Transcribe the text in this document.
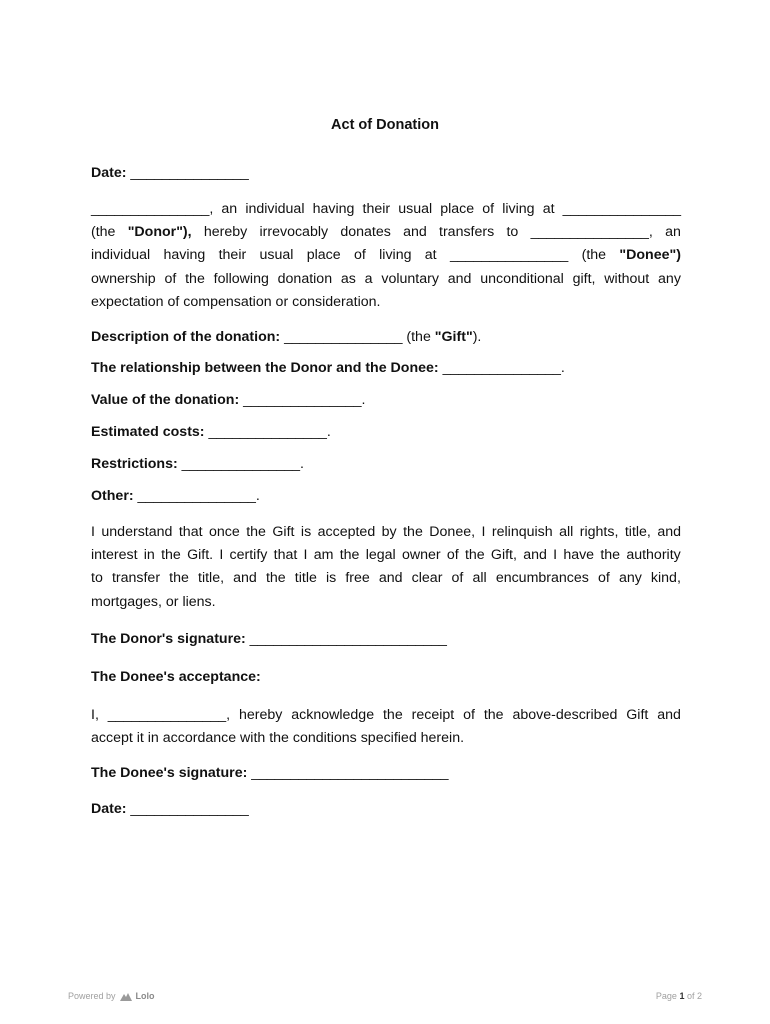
Act of Donation
Date: _______________
_______________, an individual having their usual place of living at _______________
(the "Donor"), hereby irrevocably donates and transfers to _______________, an
individual having their usual place of living at _______________ (the "Donee")
ownership of the following donation as a voluntary and unconditional gift, without any
expectation of compensation or consideration.
Description of the donation: _______________ (the "Gift").
The relationship between the Donor and the Donee: _______________.
Value of the donation: _______________.
Estimated costs: _______________.
Restrictions: _______________.
Other: _______________.
I understand that once the Gift is accepted by the Donee, I relinquish all rights, title, and
interest in the Gift. I certify that I am the legal owner of the Gift, and I have the authority
to transfer the title, and the title is free and clear of all encumbrances of any kind,
mortgages, or liens.
The Donor's signature: _________________________
The Donee's acceptance:
I, _______________, hereby acknowledge the receipt of the above-described Gift and
accept it in accordance with the conditions specified herein.
The Donee's signature: _________________________
Date: _______________
Powered by Lolo	Page 1 of 2
